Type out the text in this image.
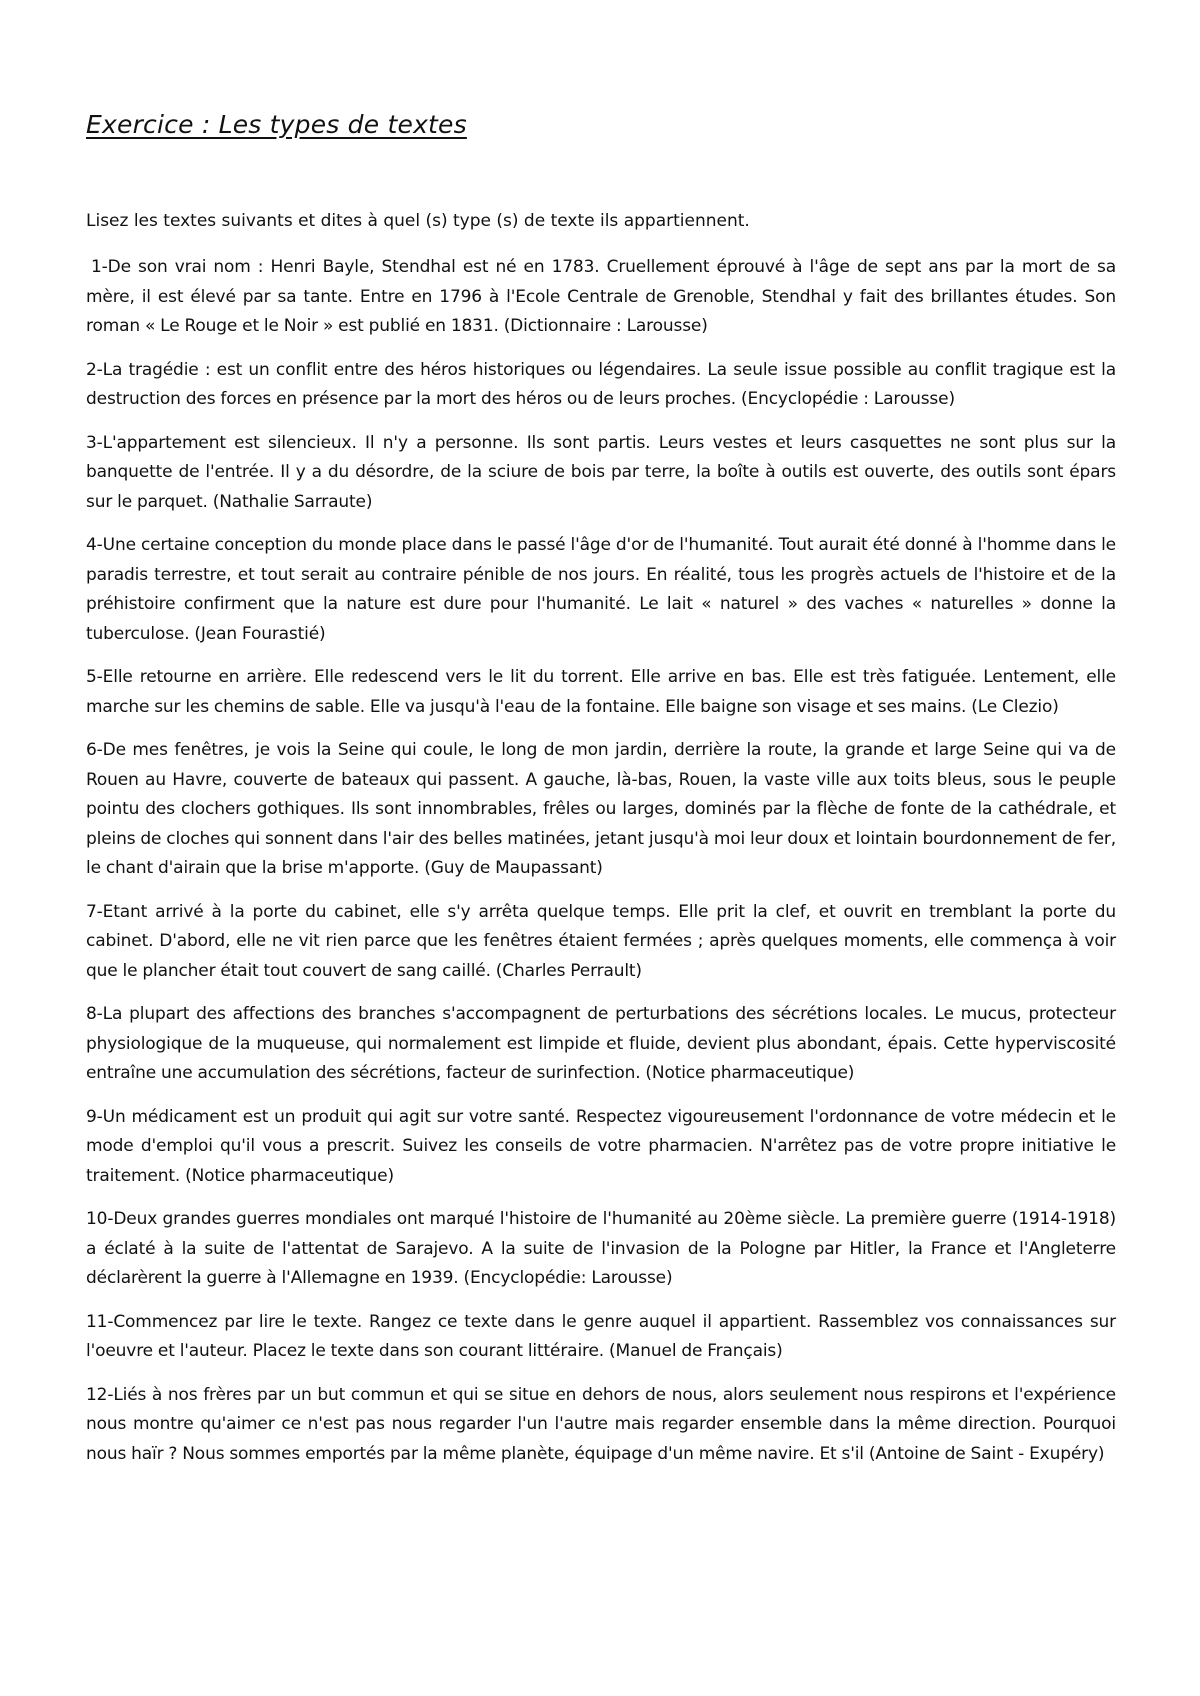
Exercice : Les types de textes

Lisez les textes suivants et dites à quel (s) type (s) de texte ils appartiennent.

1-De son vrai nom : Henri Bayle, Stendhal est né en 1783. Cruellement éprouvé à l'âge de sept ans par la mort de sa mère, il est élevé par sa tante. Entre en 1796 à l'Ecole Centrale de Grenoble, Stendhal y fait des brillantes études. Son roman « Le Rouge et le Noir » est publié en 1831. (Dictionnaire : Larousse)
2-La tragédie : est un conflit entre des héros historiques ou légendaires. La seule issue possible au conflit tragique est la destruction des forces en présence par la mort des héros ou de leurs proches. (Encyclopédie : Larousse)
3-L'appartement est silencieux. Il n'y a personne. Ils sont partis. Leurs vestes et leurs casquettes ne sont plus sur la banquette de l'entrée. Il y a du désordre, de la sciure de bois par terre, la boîte à outils est ouverte, des outils sont épars sur le parquet. (Nathalie Sarraute)
4-Une certaine conception du monde place dans le passé l'âge d'or de l'humanité. Tout aurait été donné à l'homme dans le paradis terrestre, et tout serait au contraire pénible de nos jours. En réalité, tous les progrès actuels de l'histoire et de la préhistoire confirment que la nature est dure pour l'humanité. Le lait « naturel » des vaches « naturelles » donne la tuberculose. (Jean Fourastié)
5-Elle retourne en arrière. Elle redescend vers le lit du torrent. Elle arrive en bas. Elle est très fatiguée. Lentement, elle marche sur les chemins de sable. Elle va jusqu'à l'eau de la fontaine. Elle baigne son visage et ses mains. (Le Clezio)
6-De mes fenêtres, je vois la Seine qui coule, le long de mon jardin, derrière la route, la grande et large Seine qui va de Rouen au Havre, couverte de bateaux qui passent. A gauche, là-bas, Rouen, la vaste ville aux toits bleus, sous le peuple pointu des clochers gothiques. Ils sont innombrables, frêles ou larges, dominés par la flèche de fonte de la cathédrale, et pleins de cloches qui sonnent dans l'air des belles matinées, jetant jusqu'à moi leur doux et lointain bourdonnement de fer, le chant d'airain que la brise m'apporte. (Guy de Maupassant)
7-Etant arrivé à la porte du cabinet, elle s'y arrêta quelque temps. Elle prit la clef, et ouvrit en tremblant la porte du cabinet. D'abord, elle ne vit rien parce que les fenêtres étaient fermées ; après quelques moments, elle commença à voir que le plancher était tout couvert de sang caillé. (Charles Perrault)
8-La plupart des affections des branches s'accompagnent de perturbations des sécrétions locales. Le mucus, protecteur physiologique de la muqueuse, qui normalement est limpide et fluide, devient plus abondant, épais. Cette hyperviscosité entraîne une accumulation des sécrétions, facteur de surinfection. (Notice pharmaceutique)
9-Un médicament est un produit qui agit sur votre santé. Respectez vigoureusement l'ordonnance de votre médecin et le mode d'emploi qu'il vous a prescrit. Suivez les conseils de votre pharmacien. N'arrêtez pas de votre propre initiative le traitement. (Notice pharmaceutique)
10-Deux grandes guerres mondiales ont marqué l'histoire de l'humanité au 20ème siècle. La première guerre (1914-1918) a éclaté à la suite de l'attentat de Sarajevo. A la suite de l'invasion de la Pologne par Hitler, la France et l'Angleterre déclarèrent la guerre à l'Allemagne en 1939. (Encyclopédie: Larousse)
11-Commencez par lire le texte. Rangez ce texte dans le genre auquel il appartient. Rassemblez vos connaissances sur l'oeuvre et l'auteur. Placez le texte dans son courant littéraire. (Manuel de Français)
12-Liés à nos frères par un but commun et qui se situe en dehors de nous, alors seulement nous respirons et l'expérience nous montre qu'aimer ce n'est pas nous regarder l'un l'autre mais regarder ensemble dans la même direction. Pourquoi nous haïr ? Nous sommes emportés par la même planète, équipage d'un même navire. Et s'il (Antoine de Saint - Exupéry)
